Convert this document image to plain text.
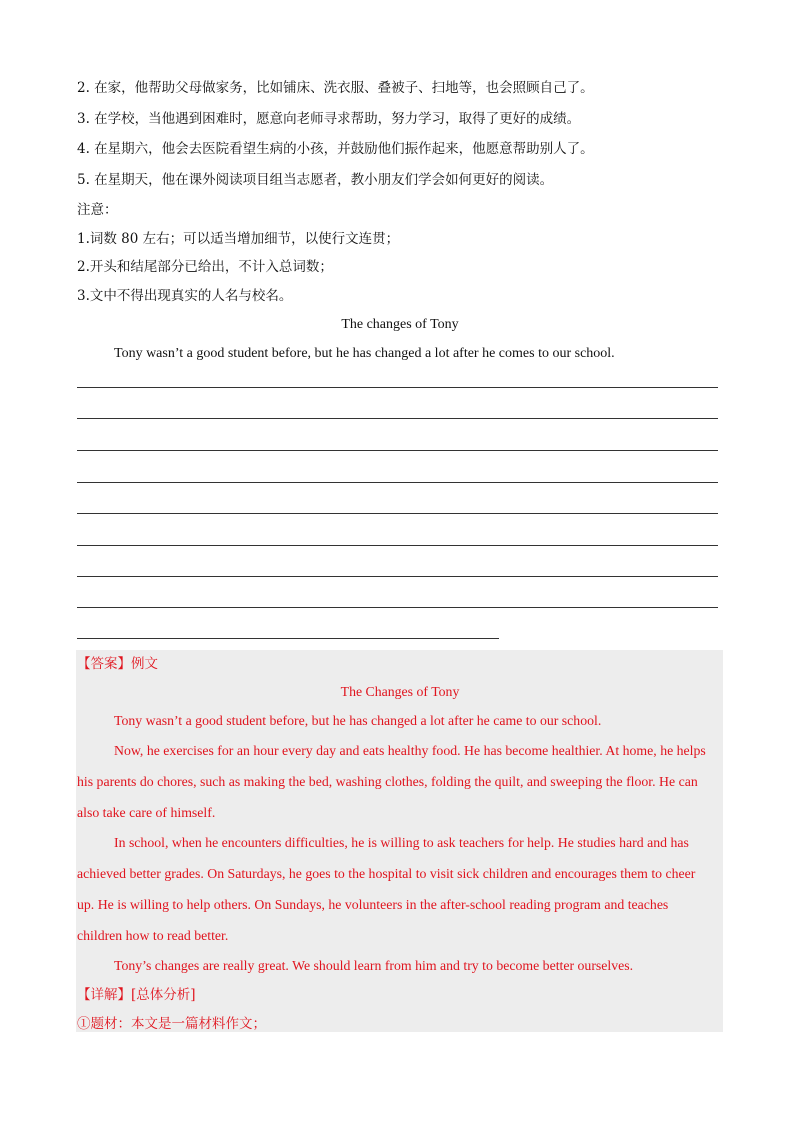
2. 在家，他帮助父母做家务，比如铺床、洗衣服、叠被子、扫地等，也会照顾自己了。
3. 在学校，当他遇到困难时，愿意向老师寻求帮助，努力学习，取得了更好的成绩。
4. 在星期六，他会去医院看望生病的小孩，并鼓励他们振作起来，他愿意帮助别人了。
5. 在星期天，他在课外阅读项目组当志愿者，教小朋友们学会如何更好的阅读。
注意：
1.词数 80 左右；可以适当增加细节，以使行文连贯；
2.开头和结尾部分已给出，不计入总词数；
3.文中不得出现真实的人名与校名。
The changes of Tony
Tony wasn’t a good student before, but he has changed a lot after he comes to our school.
【答案】例文
The Changes of Tony
Tony wasn’t a good student before, but he has changed a lot after he came to our school.
Now, he exercises for an hour every day and eats healthy food. He has become healthier. At home, he helps
his parents do chores, such as making the bed, washing clothes, folding the quilt, and sweeping the floor. He can
also take care of himself.
In school, when he encounters difficulties, he is willing to ask teachers for help. He studies hard and has
achieved better grades. On Saturdays, he goes to the hospital to visit sick children and encourages them to cheer
up. He is willing to help others. On Sundays, he volunteers in the after-school reading program and teaches
children how to read better.
Tony’s changes are really great. We should learn from him and try to become better ourselves.
【详解】[总体分析]
①题材：本文是一篇材料作文；
